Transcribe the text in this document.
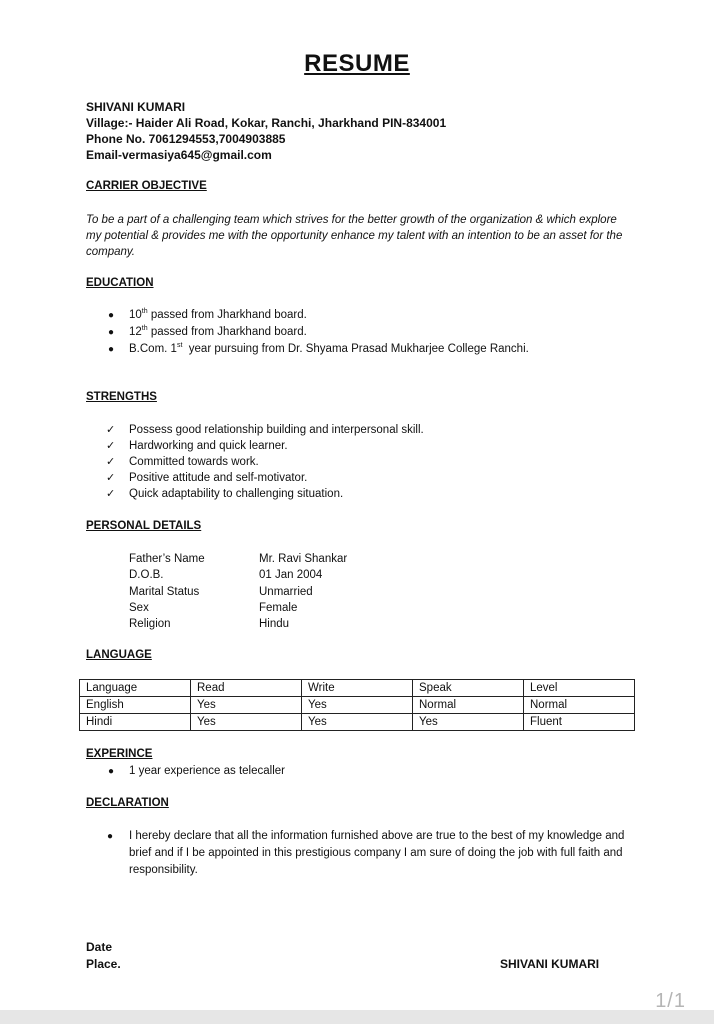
RESUME
SHIVANI KUMARI
Village:- Haider Ali Road, Kokar, Ranchi, Jharkhand PIN-834001
Phone No. 7061294553,7004903885
Email-vermasiya645@gmail.com
CARRIER OBJECTIVE
To be a part of a challenging team which strives for the better growth of the organization & which explore my potential & provides me with the opportunity enhance my talent with an intention to be an asset for the company.
EDUCATION
● 10th passed from Jharkhand board.
● 12th passed from Jharkhand board.
● B.Com. 1st  year pursuing from Dr. Shyama Prasad Mukharjee College Ranchi.
STRENGTHS
✓ Possess good relationship building and interpersonal skill.
✓ Hardworking and quick learner.
✓ Committed towards work.
✓ Positive attitude and self-motivator.
✓ Quick adaptability to challenging situation.
PERSONAL DETAILS
Father’s Name	Mr. Ravi Shankar
D.O.B.	01 Jan 2004
Marital Status	Unmarried
Sex	Female
Religion	Hindu
LANGUAGE
Language	Read	Write	Speak	Level
English	Yes	Yes	Normal	Normal
Hindi	Yes	Yes	Yes	Fluent
EXPERINCE
● 1 year experience as telecaller
DECLARATION
● I hereby declare that all the information furnished above are true to the best of my knowledge and brief and if I be appointed in this prestigious company I am sure of doing the job with full faith and responsibility.
Date
Place.	SHIVANI KUMARI
1/1
